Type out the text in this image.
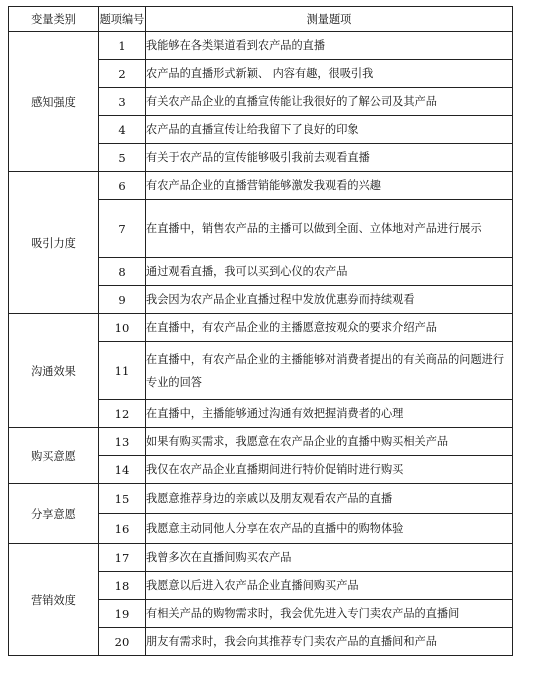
变量类别	题项编号	测量题项
感知强度	1	我能够在各类渠道看到农产品的直播
	2	农产品的直播形式新颖、 内容有趣，很吸引我
	3	有关农产品企业的直播宣传能让我很好的了解公司及其产品
	4	农产品的直播宣传让给我留下了良好的印象
	5	有关于农产品的宣传能够吸引我前去观看直播
吸引力度	6	有农产品企业的直播营销能够激发我观看的兴趣
	7	在直播中，销售农产品的主播可以做到全面、立体地对产品进行展示
	8	通过观看直播，我可以买到心仪的农产品
	9	我会因为农产品企业直播过程中发放优惠券而持续观看
沟通效果	10	在直播中，有农产品企业的主播愿意按观众的要求介绍产品
	11	在直播中，有农产品企业的主播能够对消费者提出的有关商品的问题进行专业的回答
	12	在直播中，主播能够通过沟通有效把握消费者的心理
购买意愿	13	如果有购买需求，我愿意在农产品企业的直播中购买相关产品
	14	我仅在农产品企业直播期间进行特价促销时进行购买
分享意愿	15	我愿意推荐身边的亲戚以及朋友观看农产品的直播
	16	我愿意主动同他人分享在农产品的直播中的购物体验
营销效度	17	我曾多次在直播间购买农产品
	18	我愿意以后进入农产品企业直播间购买产品
	19	有相关产品的购物需求时，我会优先进入专门卖农产品的直播间
	20	朋友有需求时，我会向其推荐专门卖农产品的直播间和产品
